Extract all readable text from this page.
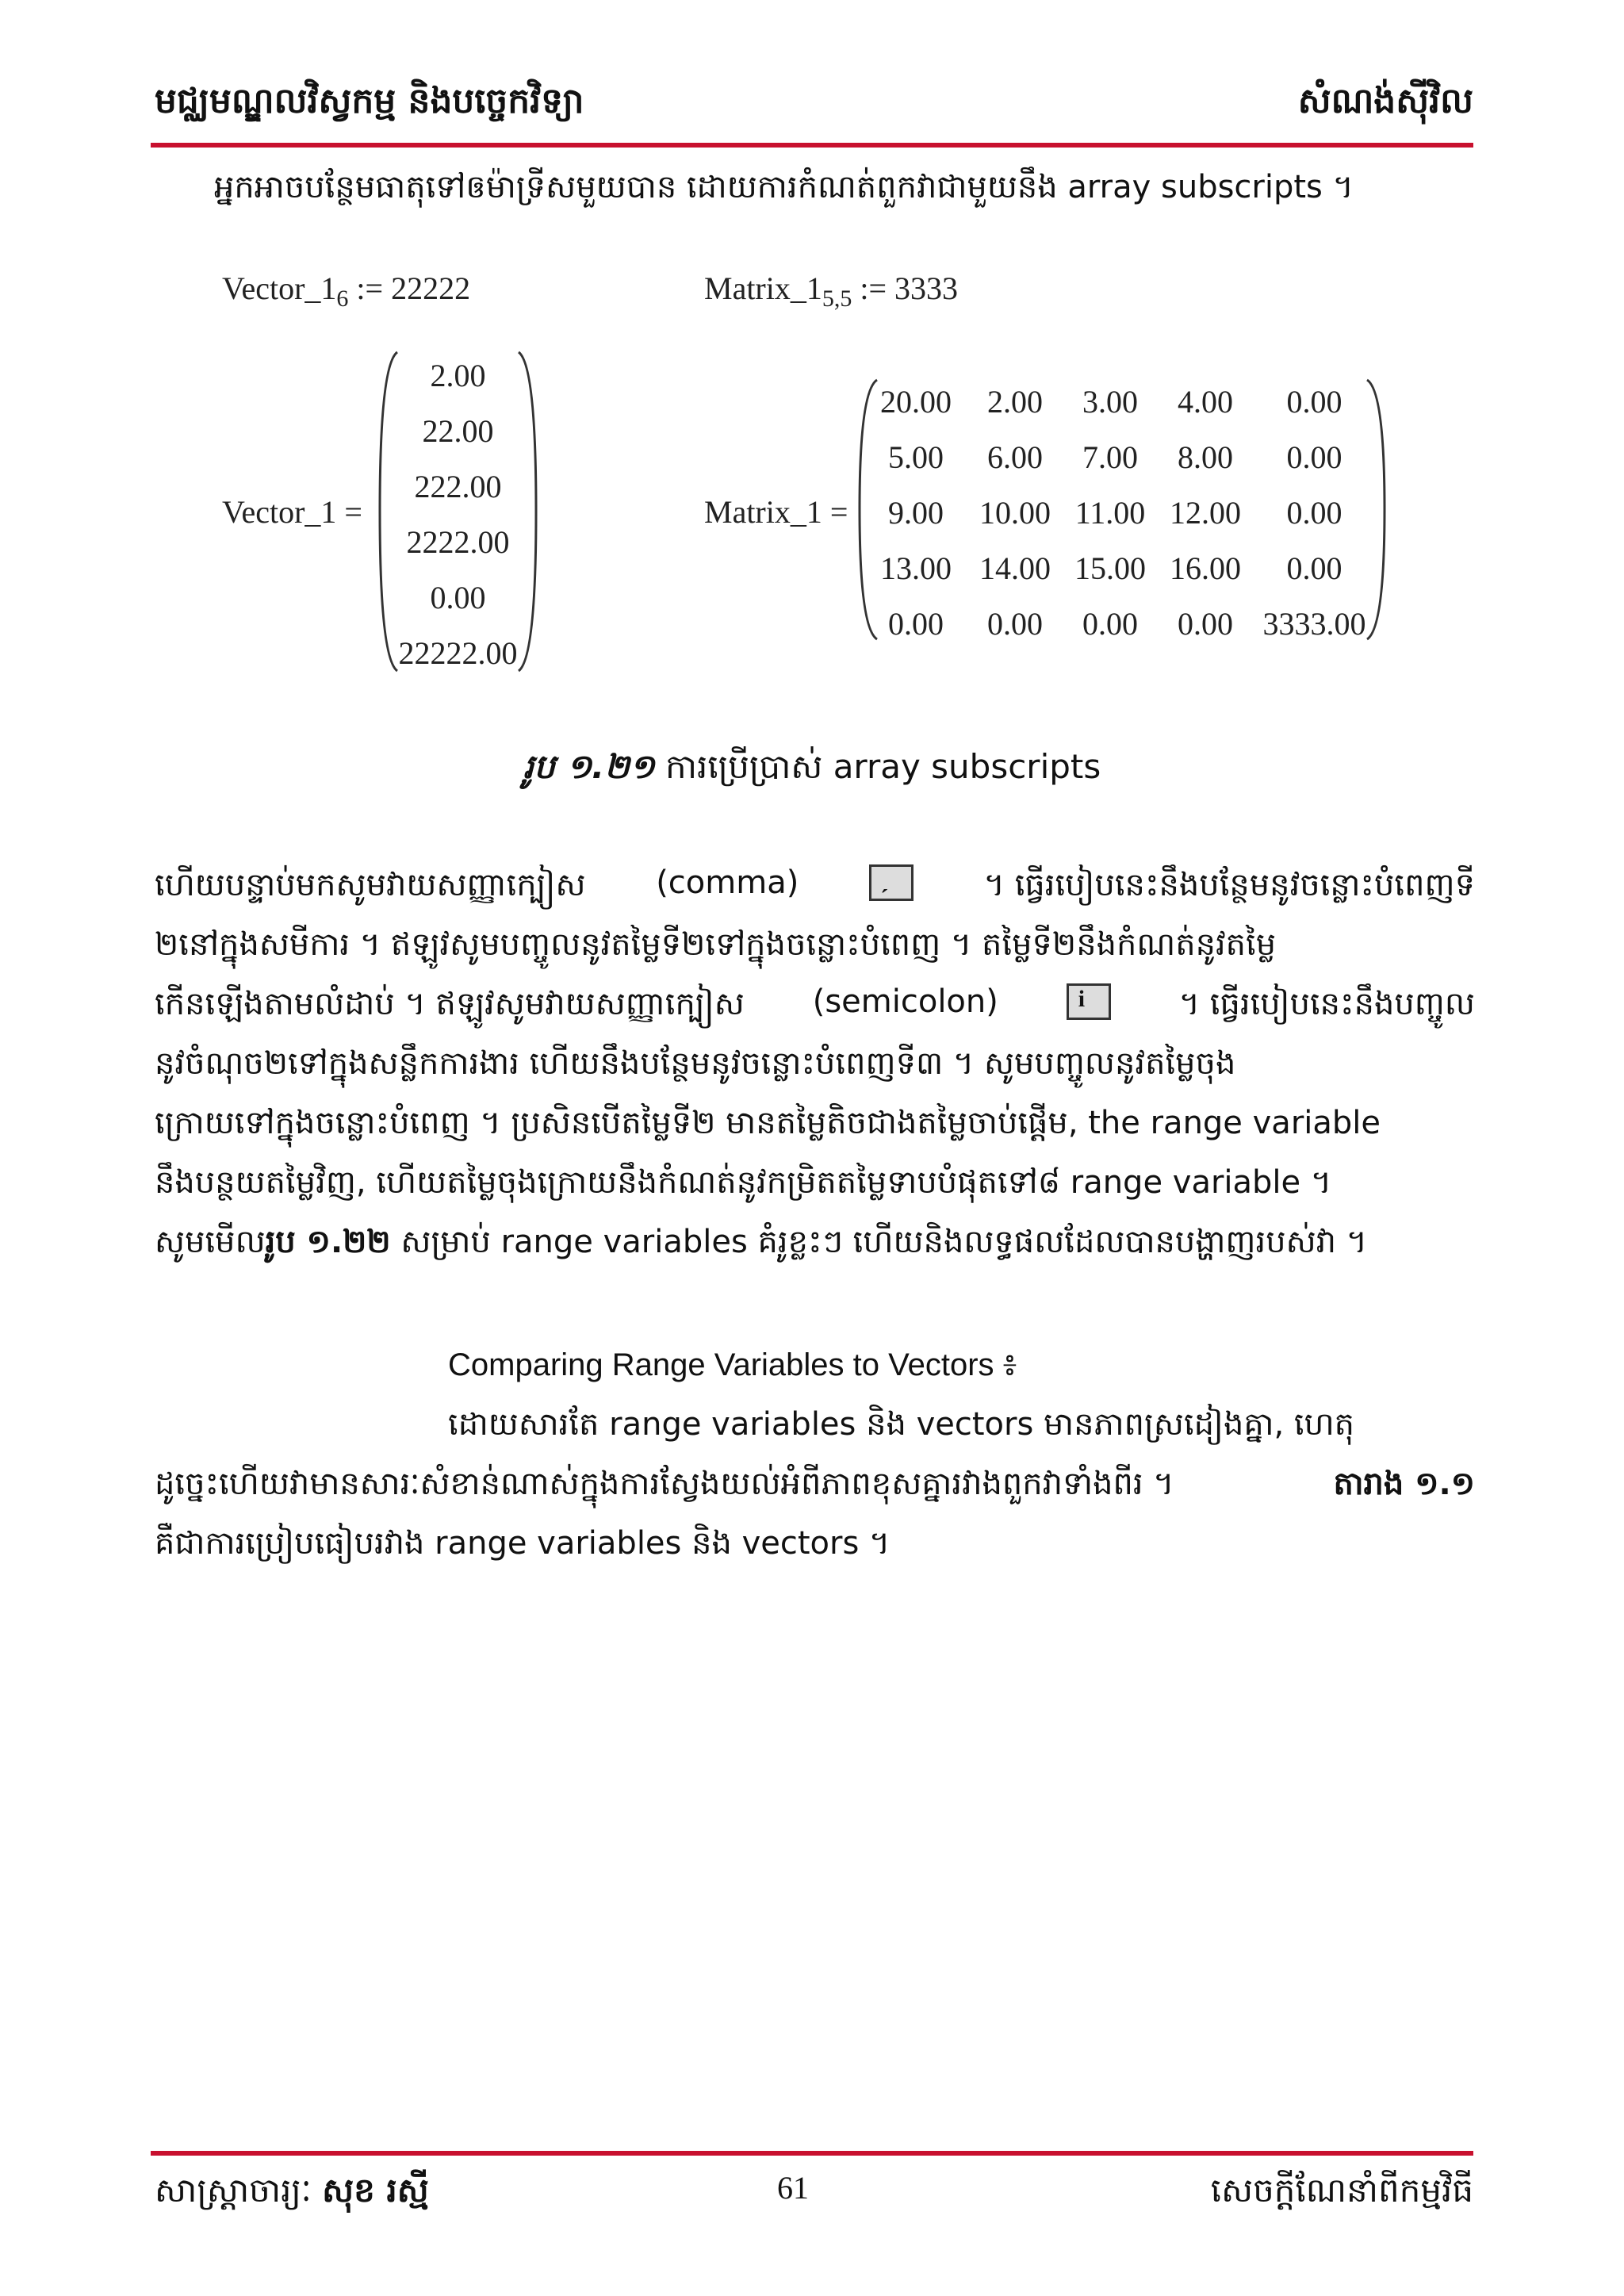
មជ្ឈមណ្ឌលវិស្វកម្ម និងបច្ចេកវិទ្យា	សំណង់ស៊ីវិល
អ្នកអាចបន្ថែមធាតុទៅឲម៉ាទ្រីសមួយបាន ដោយការកំណត់ពួកវាជាមួយនឹង array subscripts ។
$Vector\_1_6$ := 22222	$Matrix\_1_{5,5}$ := 3333
Vector_1 =
2.00
22.00
222.00
2222.00
0.00
22222.00
Matrix_1 =
20.00	2.00	3.00	4.00	0.00
5.00	6.00	7.00	8.00	0.00
9.00	10.00 11.00 12.00	0.00
13.00 14.00 15.00 16.00	0.00
0.00	0.00	0.00	0.00 3333.00
រូប ១.២១ ការប្រើប្រាស់ array subscripts
ហើយបន្ទាប់មកសូមវាយសញ្ញាក្បៀស (comma)	ˏ	។ ធ្វើរបៀបនេះនឹងបន្ថែមនូវចន្លោះបំពេញទី
២នៅក្នុងសមីការ ។ ឥឡូវសូមបញ្ចូលនូវតម្លៃទី២ទៅក្នុងចន្លោះបំពេញ ។ តម្លៃទី២នឹងកំណត់នូវតម្លៃ
កើនឡើងតាមលំដាប់ ។ ឥឡូវសូមវាយសញ្ញាក្បៀស (semicolon)	i	។ ធ្វើរបៀបនេះនឹងបញ្ចូល
នូវចំណុច២ទៅក្នុងសន្លឹកការងារ ហើយនឹងបន្ថែមនូវចន្លោះបំពេញទី៣ ។ សូមបញ្ចូលនូវតម្លៃចុង
ក្រោយទៅក្នុងចន្លោះបំពេញ ។ ប្រសិនបើតម្លៃទី២ មានតម្លៃតិចជាងតម្លៃចាប់ផ្តើម, the range variable
នឹងបន្ថយតម្លៃវិញ, ហើយតម្លៃចុងក្រោយនឹងកំណត់នូវកម្រិតតម្លៃទាបបំផុតទៅ៨ range variable ។
សូមមើលរូប ១.២២ សម្រាប់ range variables គំរូខ្លះៗ ហើយនិងលទ្ធផលដែលបានបង្ហាញរបស់វា ។
Comparing Range Variables to Vectors ៖
ដោយសារតែ range variables និង vectors មានភាពស្រដៀងគ្នា, ហេតុ
ដូច្នេះហើយវាមានសារៈសំខាន់ណាស់ក្នុងការស្វែងយល់អំពីភាពខុសគ្នារវាងពួកវាទាំងពីរ ។	តារាង ១.១
គឺជាការប្រៀបធៀបរវាង range variables និង vectors ។
សាស្ត្រាចារ្យៈ សុខ រស្មី	61	សេចក្តីណែនាំពីកម្មវិធី
